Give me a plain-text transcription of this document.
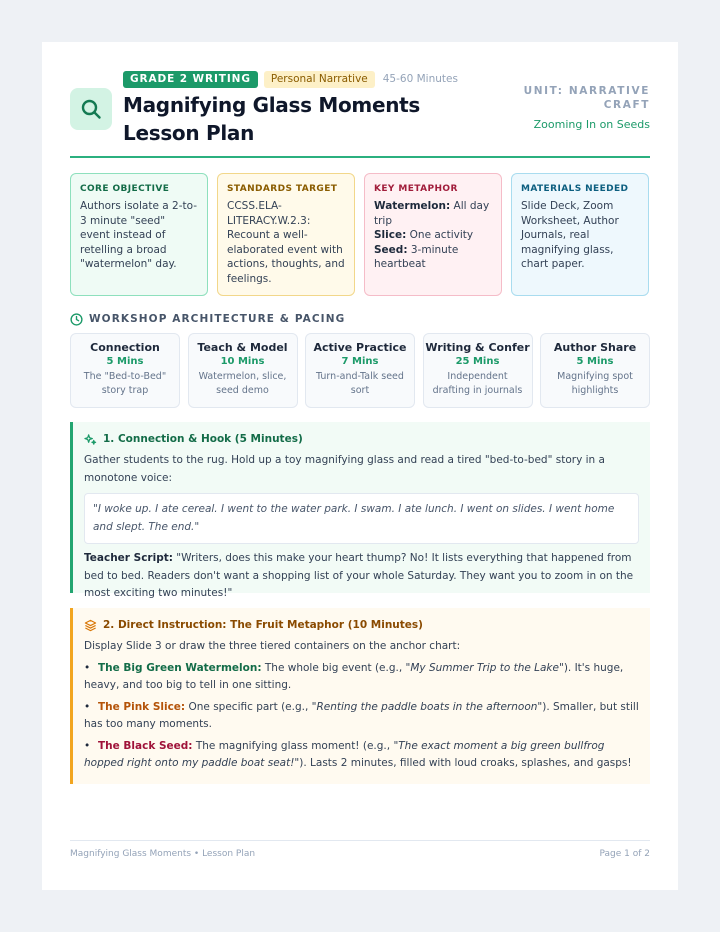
GRADE 2 WRITING	Personal Narrative	45-60 Minutes
Magnifying Glass Moments Lesson Plan
UNIT: NARRATIVE CRAFT
Zooming In on Seeds
CORE OBJECTIVE

Authors isolate a 2-to-3 minute "seed" event instead of retelling a broad "watermelon" day.

STANDARDS TARGET

CCSS.ELA-LITERACY.W.2.3: Recount a well-elaborated event with actions, thoughts, and feelings.

KEY METAPHOR

Watermelon: All day trip

Slice: One activity

Seed: 3-minute heartbeat

MATERIALS NEEDED

Slide Deck, Zoom Worksheet, Author Journals, real magnifying glass, chart paper.

WORKSHOP ARCHITECTURE & PACING
Connection
5 Mins
The "Bed-to-Bed" story trap
Teach & Model
10 Mins
Watermelon, slice, seed demo
Active Practice
7 Mins
Turn-and-Talk seed sort
Writing & Confer
25 Mins
Independent drafting in journals
Author Share
5 Mins
Magnifying spot highlights
1. Connection & Hook (5 Minutes)

Gather students to the rug. Hold up a toy magnifying glass and read a tired "bed-to-bed" story in a monotone voice:

"I woke up. I ate cereal. I went to the water park. I swam. I ate lunch. I went on slides. I went home and slept. The end."

Teacher Script: "Writers, does this make your heart thump? No! It lists everything that happened from bed to bed. Readers don't want a shopping list of your whole Saturday. They want you to zoom in on the most exciting two minutes!"

2. Direct Instruction: The Fruit Metaphor (10 Minutes)

Display Slide 3 or draw the three tiered containers on the anchor chart:

• The Big Green Watermelon: The whole big event (e.g., "My Summer Trip to the Lake"). It's huge, heavy, and too big to tell in one sitting.
• The Pink Slice: One specific part (e.g., "Renting the paddle boats in the afternoon"). Smaller, but still has too many moments.
• The Black Seed: The magnifying glass moment! (e.g., "The exact moment a big green bullfrog hopped right onto my paddle boat seat!"). Lasts 2 minutes, filled with loud croaks, splashes, and gasps!
Magnifying Glass Moments • Lesson Plan	Page 1 of 2
